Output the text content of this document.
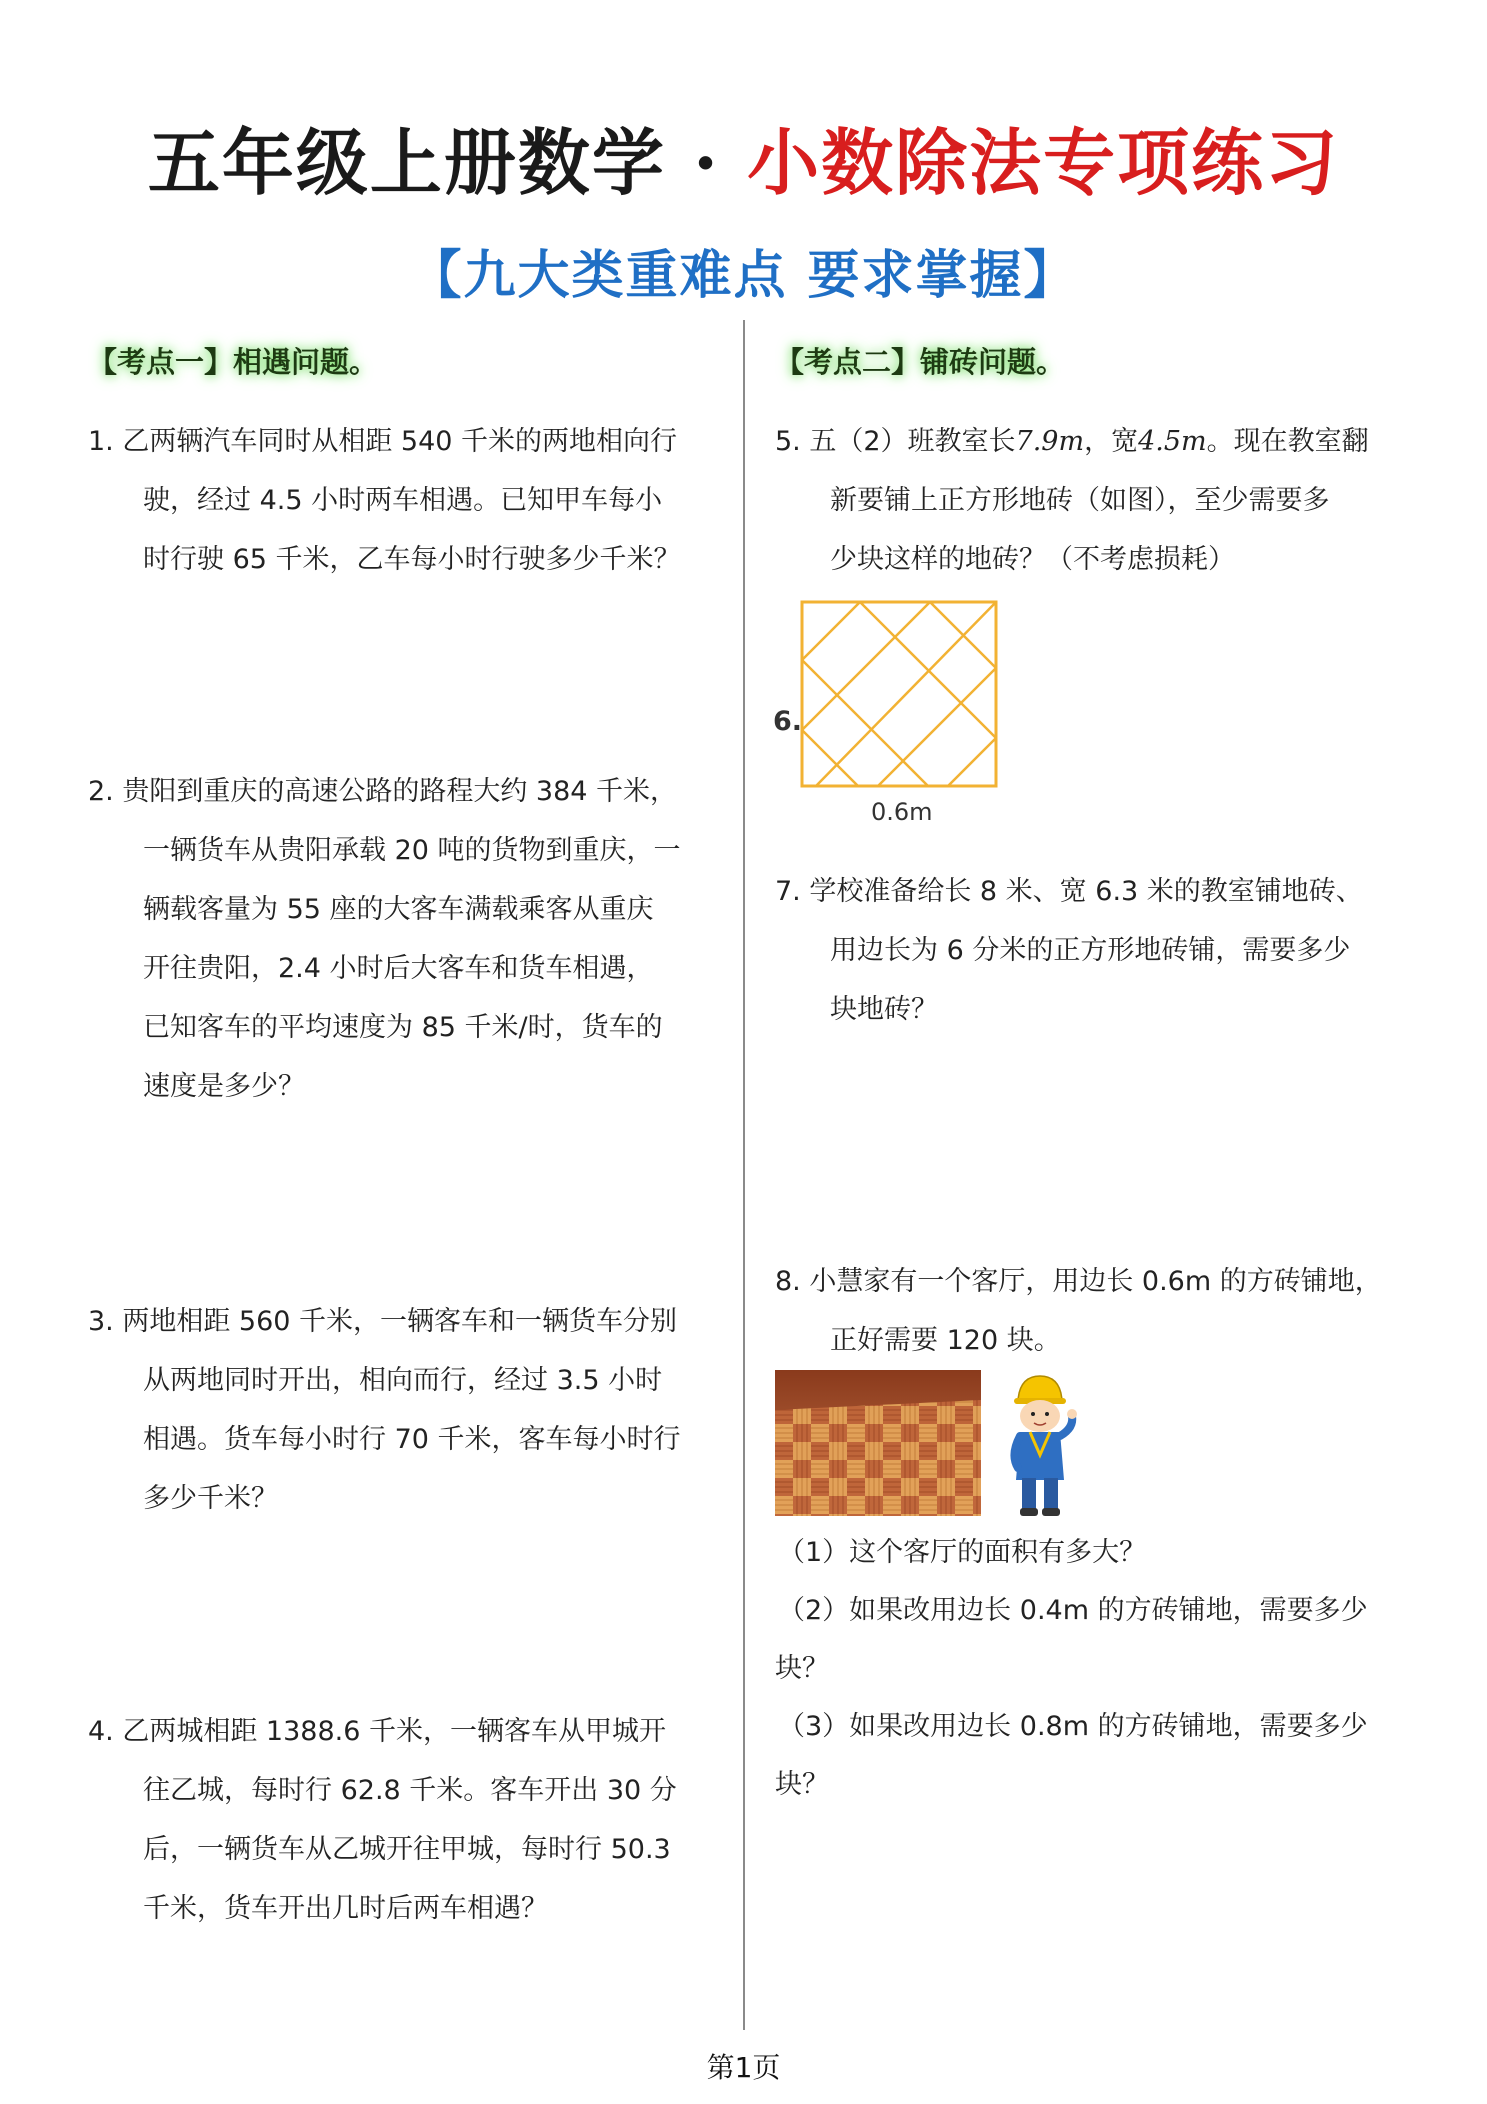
五年级上册数学 · 小数除法专项练习
【九大类重难点 要求掌握】
【考点一】相遇问题。
1. 乙两辆汽车同时从相距 540 千米的两地相向行
驶，经过 4.5 小时两车相遇。已知甲车每小
时行驶 65 千米，乙车每小时行驶多少千米？
2. 贵阳到重庆的高速公路的路程大约 384 千米，
一辆货车从贵阳承载 20 吨的货物到重庆，一
辆载客量为 55 座的大客车满载乘客从重庆
开往贵阳，2.4 小时后大客车和货车相遇，
已知客车的平均速度为 85 千米/时，货车的
速度是多少？
3. 两地相距 560 千米，一辆客车和一辆货车分别
从两地同时开出，相向而行，经过 3.5 小时
相遇。货车每小时行 70 千米，客车每小时行
多少千米？
4. 乙两城相距 1388.6 千米，一辆客车从甲城开
往乙城，每时行 62.8 千米。客车开出 30 分
后，一辆货车从乙城开往甲城，每时行 50.3
千米，货车开出几时后两车相遇？
【考点二】铺砖问题。
5. 五（2）班教室长7.9m，宽4.5m。现在教室翻
新要铺上正方形地砖（如图），至少需要多
少块这样的地砖？（不考虑损耗）
6.
0.6m
7. 学校准备给长 8 米、宽 6.3 米的教室铺地砖、
用边长为 6 分米的正方形地砖铺，需要多少
块地砖？
8. 小慧家有一个客厅，用边长 0.6m 的方砖铺地，
正好需要 120 块。
（1）这个客厅的面积有多大？
（2）如果改用边长 0.4m 的方砖铺地，需要多少
块？
（3）如果改用边长 0.8m 的方砖铺地，需要多少
块？
第1页
